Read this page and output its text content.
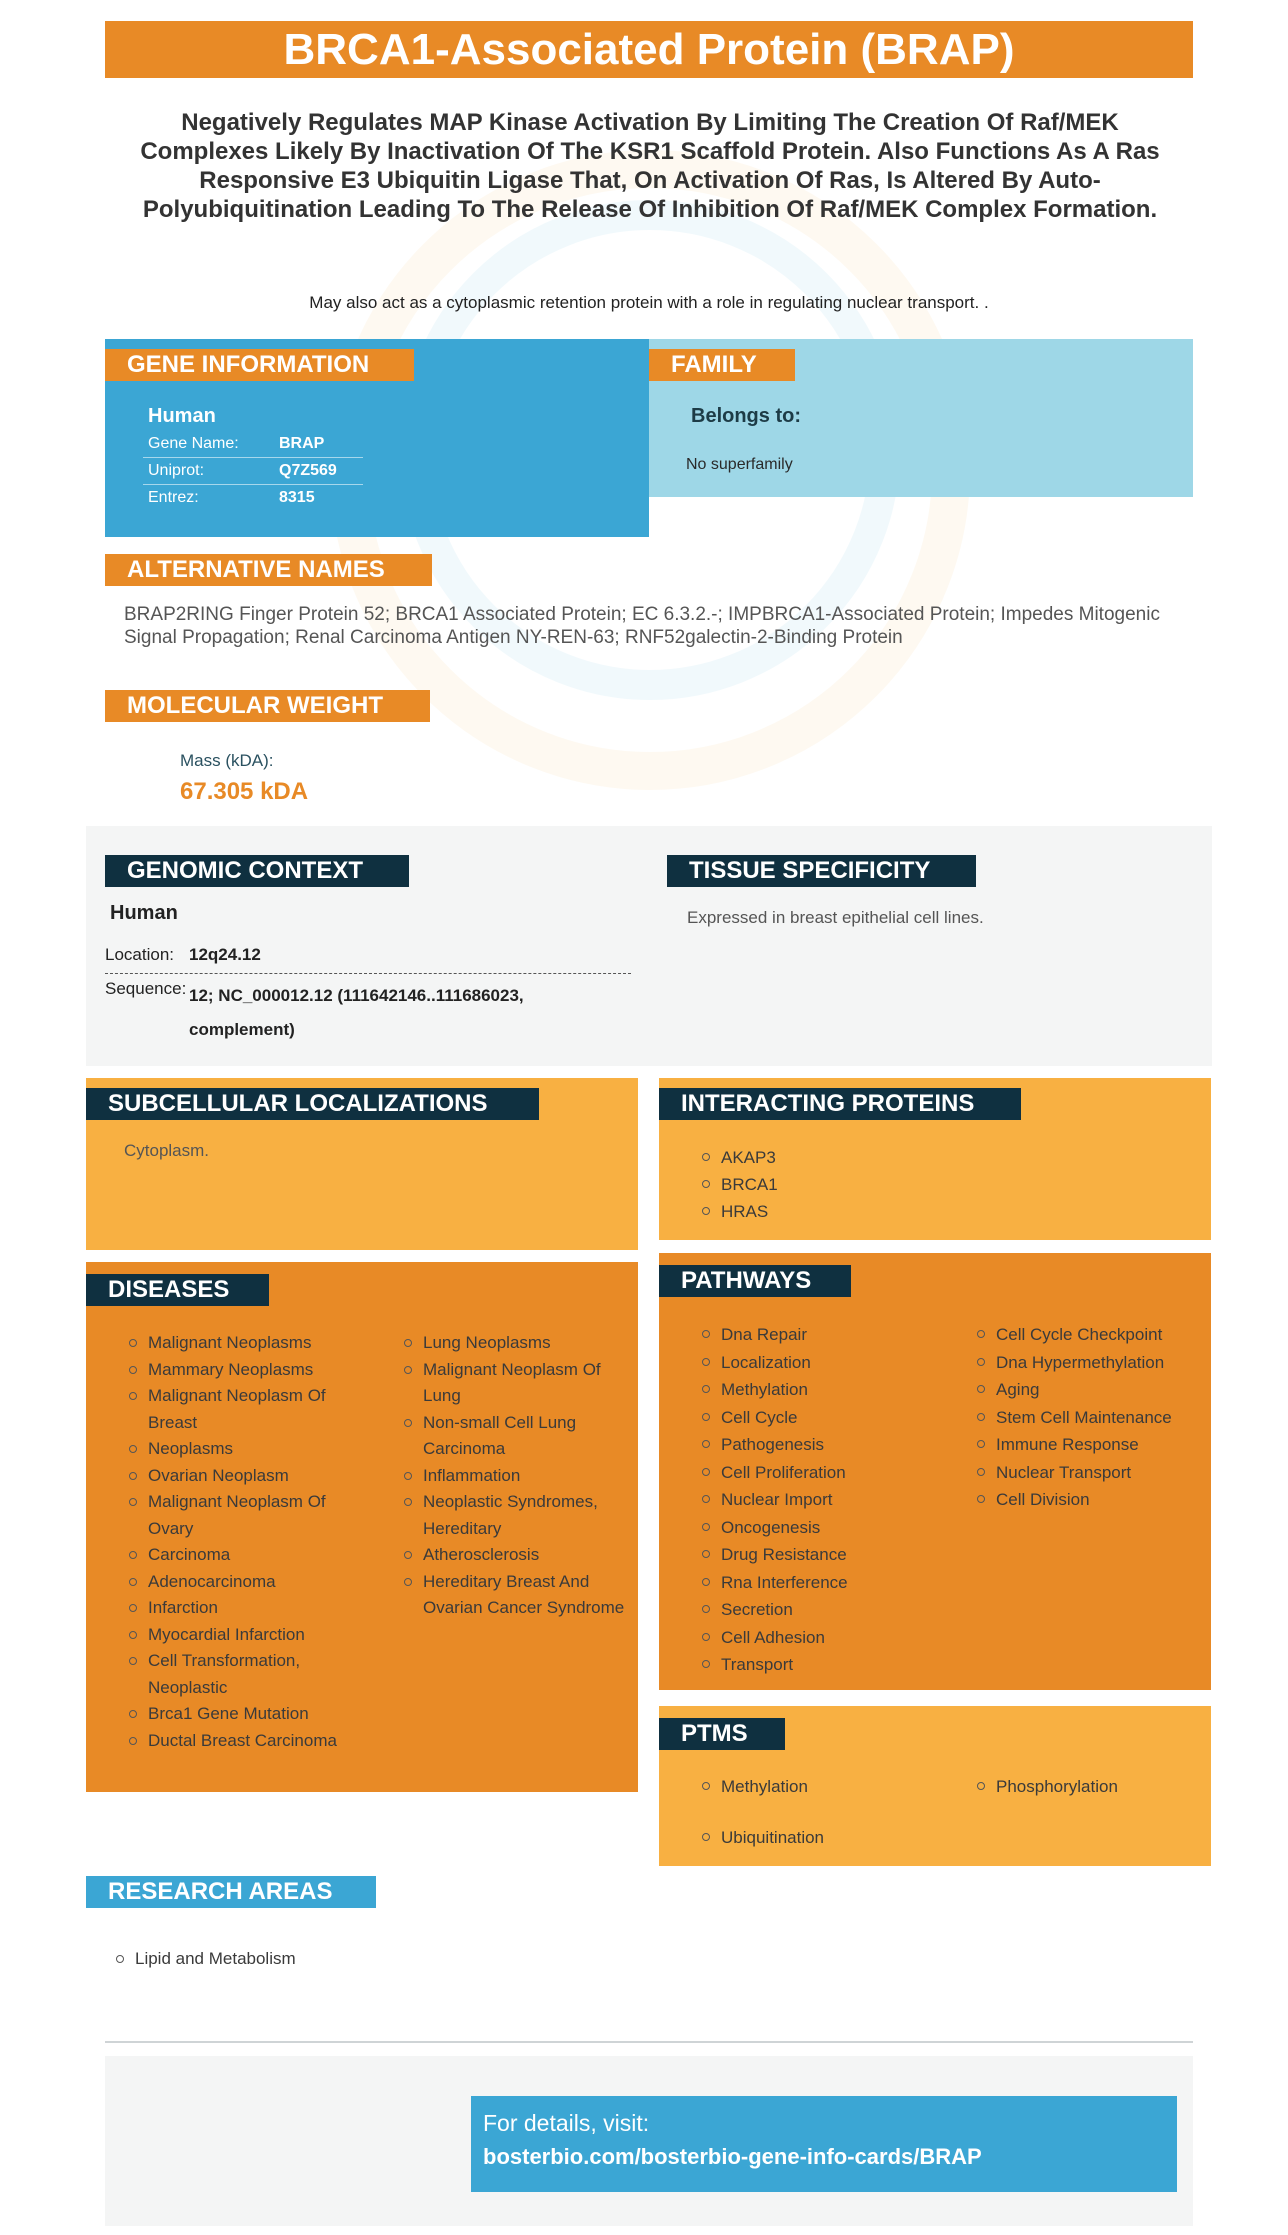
BRCA1-Associated Protein (BRAP)
Negatively Regulates MAP Kinase Activation By Limiting The Creation Of Raf/MEK Complexes Likely By Inactivation Of The KSR1 Scaffold Protein. Also Functions As A Ras Responsive E3 Ubiquitin Ligase That, On Activation Of Ras, Is Altered By Auto- Polyubiquitination Leading To The Release Of Inhibition Of Raf/MEK Complex Formation.
May also act as a cytoplasmic retention protein with a role in regulating nuclear transport. .
GENE INFORMATION
Human
Gene Name:	BRAP
Uniprot:	Q7Z569
Entrez:	8315
FAMILY
Belongs to:
No superfamily
ALTERNATIVE NAMES
BRAP2RING Finger Protein 52; BRCA1 Associated Protein; EC 6.3.2.-; IMPBRCA1-Associated Protein; Impedes Mitogenic Signal Propagation; Renal Carcinoma Antigen NY-REN-63; RNF52galectin-2-Binding Protein
MOLECULAR WEIGHT
Mass (kDA):
67.305 kDA
GENOMIC CONTEXT	TISSUE SPECIFICITY
Human
Location: 12q24.12
Sequence: 12; NC_000012.12 (111642146..111686023, complement)
Expressed in breast epithelial cell lines.
SUBCELLULAR LOCALIZATIONS
Cytoplasm.
INTERACTING PROTEINS
AKAP3
BRCA1
HRAS
DISEASES
Malignant Neoplasms
Mammary Neoplasms
Malignant Neoplasm Of Breast
Neoplasms
Ovarian Neoplasm
Malignant Neoplasm Of Ovary
Carcinoma
Adenocarcinoma
Infarction
Myocardial Infarction
Cell Transformation, Neoplastic
Brca1 Gene Mutation
Ductal Breast Carcinoma
Lung Neoplasms
Malignant Neoplasm Of Lung
Non-small Cell Lung Carcinoma
Inflammation
Neoplastic Syndromes, Hereditary
Atherosclerosis
Hereditary Breast And Ovarian Cancer Syndrome
PATHWAYS
Dna Repair
Localization
Methylation
Cell Cycle
Pathogenesis
Cell Proliferation
Nuclear Import
Oncogenesis
Drug Resistance
Rna Interference
Secretion
Cell Adhesion
Transport
Cell Cycle Checkpoint
Dna Hypermethylation
Aging
Stem Cell Maintenance
Immune Response
Nuclear Transport
Cell Division
PTMS
Methylation	Phosphorylation
Ubiquitination
RESEARCH AREAS
Lipid and Metabolism
For details, visit:
bosterbio.com/bosterbio-gene-info-cards/BRAP
